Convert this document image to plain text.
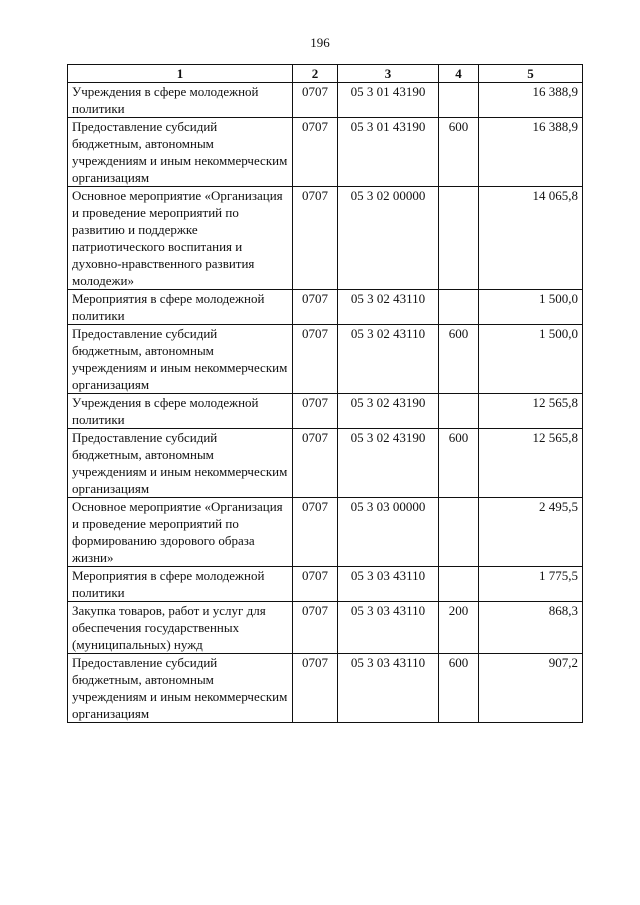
196
1	2	3	4	5
Учреждения в сфере молодежной политики	0707	05 3 01 43190		16 388,9
Предоставление субсидий бюджетным, автономным учреждениям и иным некоммерческим организациям	0707	05 3 01 43190	600	16 388,9
Основное мероприятие «Организация и проведение мероприятий по развитию и поддержке патриотического воспитания и духовно-нравственного развития молодежи»	0707	05 3 02 00000		14 065,8
Мероприятия в сфере молодежной политики	0707	05 3 02 43110		1 500,0
Предоставление субсидий бюджетным, автономным учреждениям и иным некоммерческим организациям	0707	05 3 02 43110	600	1 500,0
Учреждения в сфере молодежной политики	0707	05 3 02 43190		12 565,8
Предоставление субсидий бюджетным, автономным учреждениям и иным некоммерческим организациям	0707	05 3 02 43190	600	12 565,8
Основное мероприятие «Организация и проведение мероприятий по формированию здорового образа жизни»	0707	05 3 03 00000		2 495,5
Мероприятия в сфере молодежной политики	0707	05 3 03 43110		1 775,5
Закупка товаров, работ и услуг для обеспечения государственных (муниципальных) нужд	0707	05 3 03 43110	200	868,3
Предоставление субсидий бюджетным, автономным учреждениям и иным некоммерческим организациям	0707	05 3 03 43110	600	907,2
